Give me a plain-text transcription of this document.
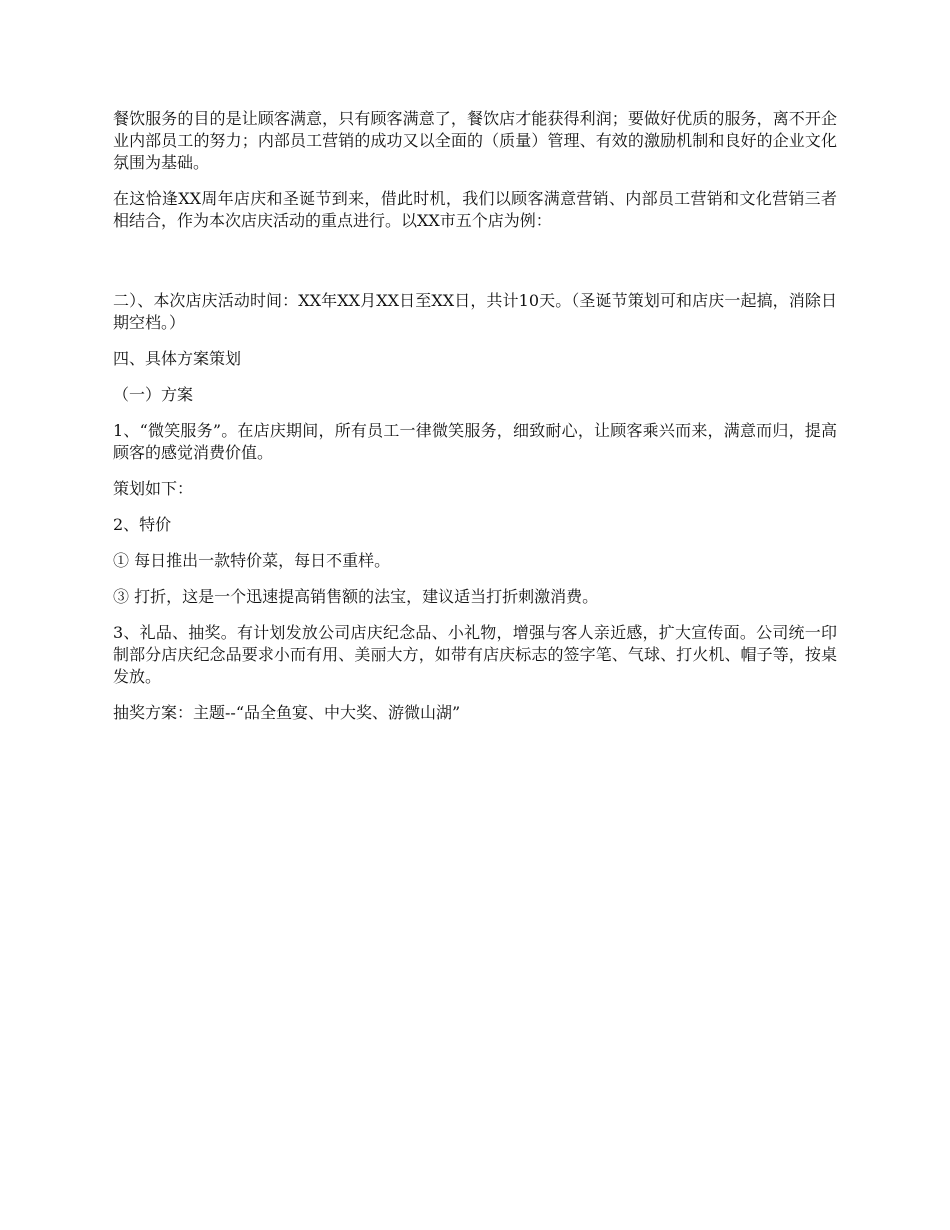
餐饮服务的目的是让顾客满意，只有顾客满意了，餐饮店才能获得利润；要做好优质的服务，离不开企业内部员工的努力；内部员工营销的成功又以全面的（质量）管理、有效的激励机制和良好的企业文化氛围为基础。

在这恰逢XX周年店庆和圣诞节到来，借此时机，我们以顾客满意营销、内部员工营销和文化营销三者相结合，作为本次店庆活动的重点进行。以XX市五个店为例：

二）、本次店庆活动时间：XX年XX月XX日至XX日，共计10天。（圣诞节策划可和店庆一起搞，消除日期空档。）

四、具体方案策划

（一）方案

1、“微笑服务”。在店庆期间，所有员工一律微笑服务，细致耐心，让顾客乘兴而来，满意而归，提高顾客的感觉消费价值。

策划如下：

2、特价

① 每日推出一款特价菜，每日不重样。

③ 打折，这是一个迅速提高销售额的法宝，建议适当打折刺激消费。

3、礼品、抽奖。有计划发放公司店庆纪念品、小礼物，增强与客人亲近感，扩大宣传面。公司统一印制部分店庆纪念品要求小而有用、美丽大方，如带有店庆标志的签字笔、气球、打火机、帽子等，按桌发放。

抽奖方案：主题--“品全鱼宴、中大奖、游微山湖”
